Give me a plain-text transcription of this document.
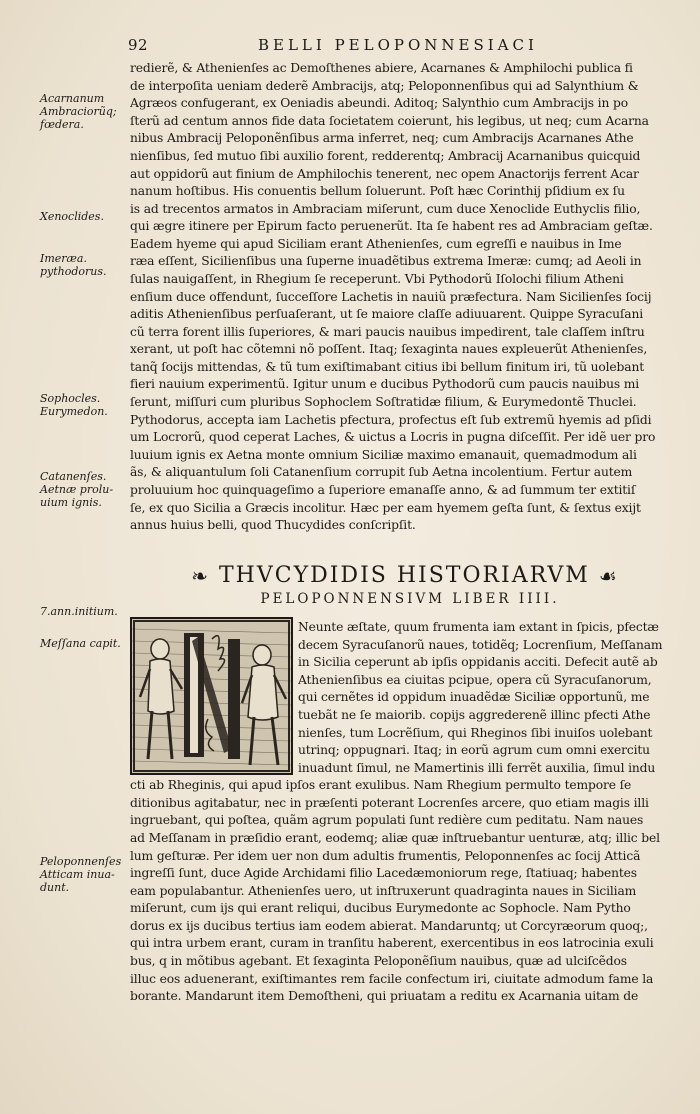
92	BELLI PELOPONNESIACI
Acarnanum
Ambraciorũq;
fœdera.
Xenoclides.
Imeræa.
pythodorus.
Sophocles.
Eurymedon.
Catanenſes.
Aetnæ prolu-
uium ignis.
7.ann.initium.
Meſſana capit.
Peloponnenſes
Atticam inua-
dunt.
redierẽ, & Athenienſes ac Demoſthenes abiere, Acarnanes & Amphilochi publica fi
de interpoſita ueniam dederẽ Ambracijs, atq; Peloponnenſibus qui ad Salynthium &
Agræos confugerant, ex Oeniadis abeundi. Aditoq; Salynthio cum Ambracijs in po
ſterũ ad centum annos fide data ſocietatem coierunt, his legibus, ut neq; cum Acarna
nibus Ambracij Peloponẽnſibus arma inferret, neq; cum Ambracijs Acarnanes Athe
nienſibus, ſed mutuo ſibi auxilio forent, redderentq; Ambracij Acarnanibus quicquid
aut oppidorũ aut finium de Amphilochis tenerent, nec opem Anactorijs ferrent Acar
nanum hoſtibus. His conuentis bellum ſoluerunt. Poſt hæc Corinthij pſidium ex ſu
is ad trecentos armatos in Ambraciam miſerunt, cum duce Xenoclide Euthyclis filio,
qui ægre itinere per Epirum facto peruenerũt. Ita ſe habent res ad Ambraciam geſtæ.
Eadem hyeme qui apud Siciliam erant Athenienſes, cum egreſſi e nauibus in Ime
ræa eſſent, Sicilienſibus una ſuperne inuadẽtibus extrema Imeræ: cumq; ad Aeoli in
ſulas nauigaſſent, in Rhegium ſe receperunt. Vbi Pythodorũ Iſolochi filium Atheni
enſium duce offendunt, ſucceſſore Lachetis in nauiũ præfectura. Nam Sicilienſes ſocij
aditis Athenienſibus perſuaſerant, ut ſe maiore claſſe adiuuarent. Quippe Syracuſani
cũ terra forent illis ſuperiores, & mari paucis nauibus impedirent, tale claſſem inſtru
xerant, ut poſt hac cõtemni nõ poſſent. Itaq; ſexaginta naues expleuerũt Athenienſes,
tanq̃ ſocijs mittendas, & tũ tum exiſtimabant citius ibi bellum finitum iri, tũ uolebant
fieri nauium experimentũ. Igitur unum e ducibus Pythodorũ cum paucis nauibus mi
ſerunt, miſſuri cum pluribus Sophoclem Soſtratidæ filium, & Eurymedontẽ Thuclei.
Pythodorus, accepta iam Lachetis pfectura, profectus eſt ſub extremũ hyemis ad pſidi
um Locrorũ, quod ceperat Laches, & uictus a Locris in pugna diſceſſit. Per idẽ uer pro
luuium ignis ex Aetna monte omnium Siciliæ maximo emanauit, quemadmodum ali
ãs, & aliquantulum ſoli Catanenſium corrupit ſub Aetna incolentium. Fertur autem
proluuium hoc quinquageſimo a ſuperiore emanaſſe anno, & ad ſummum ter extitiſ
ſe, ex quo Sicilia a Græcis incolitur. Hæc per eam hyemem geſta ſunt, & ſextus exijt
annus huius belli, quod Thucydides conſcripſit.
❧ THVCYDIDIS HISTORIARVM ☙
PELOPONNENSIVM LIBER IIII.
Neunte æſtate, quum frumenta iam extant in ſpicis, pfectæ
decem Syracuſanorũ naues, totidẽq; Locrenſium, Meſſanam
in Sicilia ceperunt ab ipſis oppidanis acciti. Defecit autẽ ab
Athenienſibus ea ciuitas pcipue, opera cũ Syracuſanorum,
qui cernẽtes id oppidum inuadẽdæ Siciliæ opportunũ, me
tuebãt ne ſe maiorib. copijs aggrederenẽ illinc pfecti Athe
nienſes, tum Locrẽſium, qui Rheginos ſibi inuiſos uolebant
utrinq; oppugnari. Itaq; in eorũ agrum cum omni exercitu
inuadunt ſimul, ne Mamertinis illi ferrẽt auxilia, ſimul indu
cti ab Rheginis, qui apud ipſos erant exulibus. Nam Rhegium permulto tempore ſe
ditionibus agitabatur, nec in præſenti poterant Locrenſes arcere, quo etiam magis illi
ingruebant, qui poſtea, quãm agrum populati ſunt redière cum peditatu. Nam naues
ad Meſſanam in præſidio erant, eodemq; aliæ quæ inſtruebantur uenturæ, atq; illic bel
lum geſturæ. Per idem uer non dum adultis frumentis, Peloponnenſes ac ſocij Atticã
ingreſſi ſunt, duce Agide Archidami filio Lacedæmoniorum rege, ſtatiuaq; habentes
eam populabantur. Athenienſes uero, ut inſtruxerunt quadraginta naues in Siciliam
miſerunt, cum ijs qui erant reliqui, ducibus Eurymedonte ac Sophocle. Nam Pytho
dorus ex ijs ducibus tertius iam eodem abierat. Mandaruntq; ut Corcyræorum quoq;,
qui intra urbem erant, curam in tranſitu haberent, exercentibus in eos latrocinia exuli
bus, q in mõtibus agebant. Et ſexaginta Peloponẽſium nauibus, quæ ad ulciſcẽdos
illuc eos aduenerant, exiſtimantes rem facile confectum iri, ciuitate admodum fame la
borante. Mandarunt item Demoſtheni, qui priuatam a reditu ex Acarnania uitam de
